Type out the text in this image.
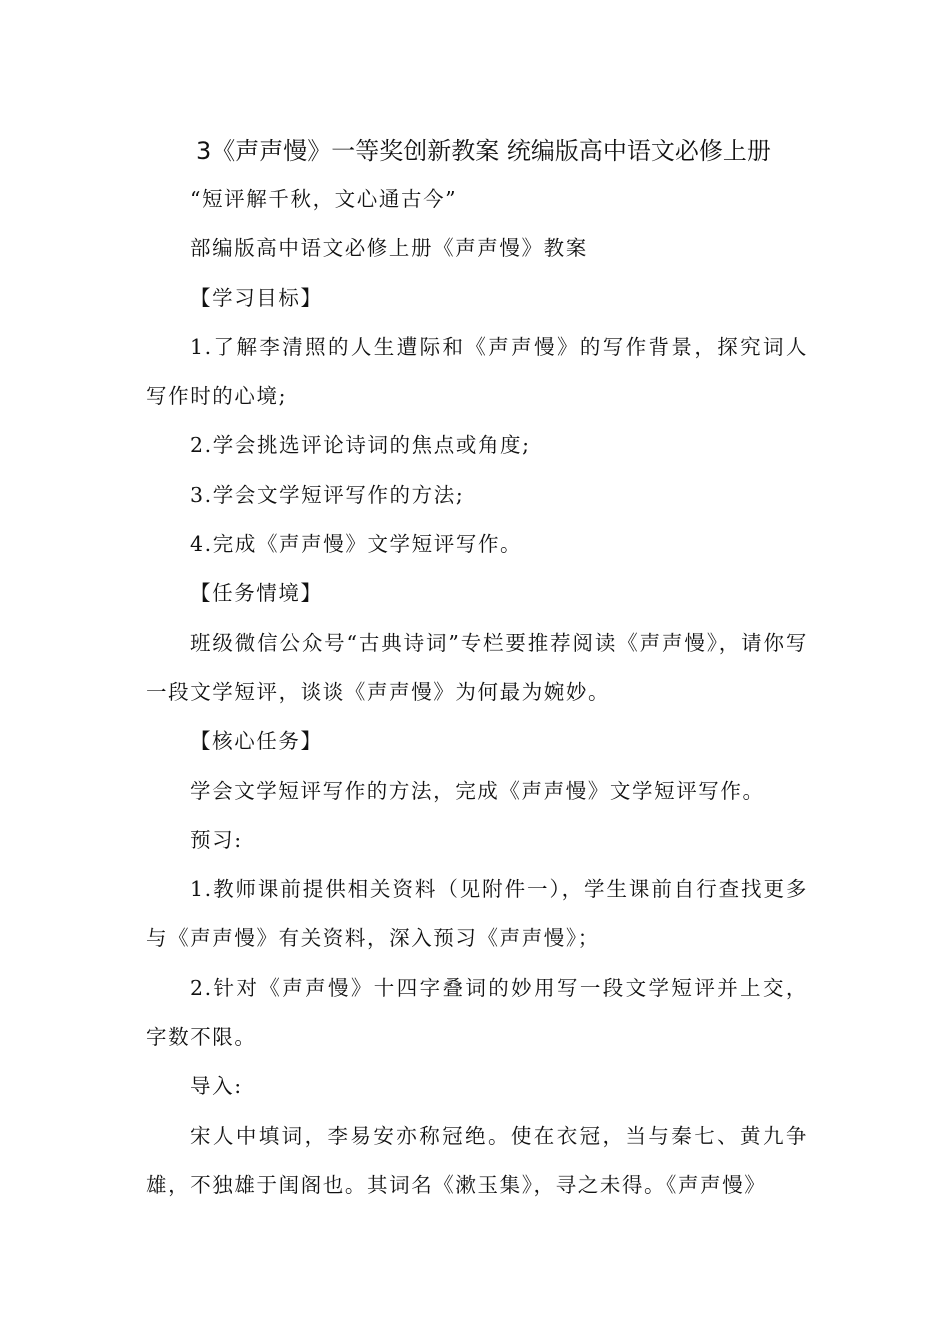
3《声声慢》一等奖创新教案 统编版高中语文必修上册

“短评解千秋，文心通古今”

部编版高中语文必修上册《声声慢》教案

【学习目标】

1.了解李清照的人生遭际和《声声慢》的写作背景，探究词人写作时的心境;

2.学会挑选评论诗词的焦点或角度;

3.学会文学短评写作的方法;

4.完成《声声慢》文学短评写作。

【任务情境】

班级微信公众号“古典诗词”专栏要推荐阅读《声声慢》，请你写一段文学短评，谈谈《声声慢》为何最为婉妙。

【核心任务】

学会文学短评写作的方法，完成《声声慢》文学短评写作。

预习:

1.教师课前提供相关资料（见附件一），学生课前自行查找更多与《声声慢》有关资料，深入预习《声声慢》；

2.针对《声声慢》十四字叠词的妙用写一段文学短评并上交，字数不限。

导入:

宋人中填词，李易安亦称冠绝。使在衣冠，当与秦七、黄九争雄，不独雄于闺阁也。其词名《漱玉集》，寻之未得。《声声慢》
